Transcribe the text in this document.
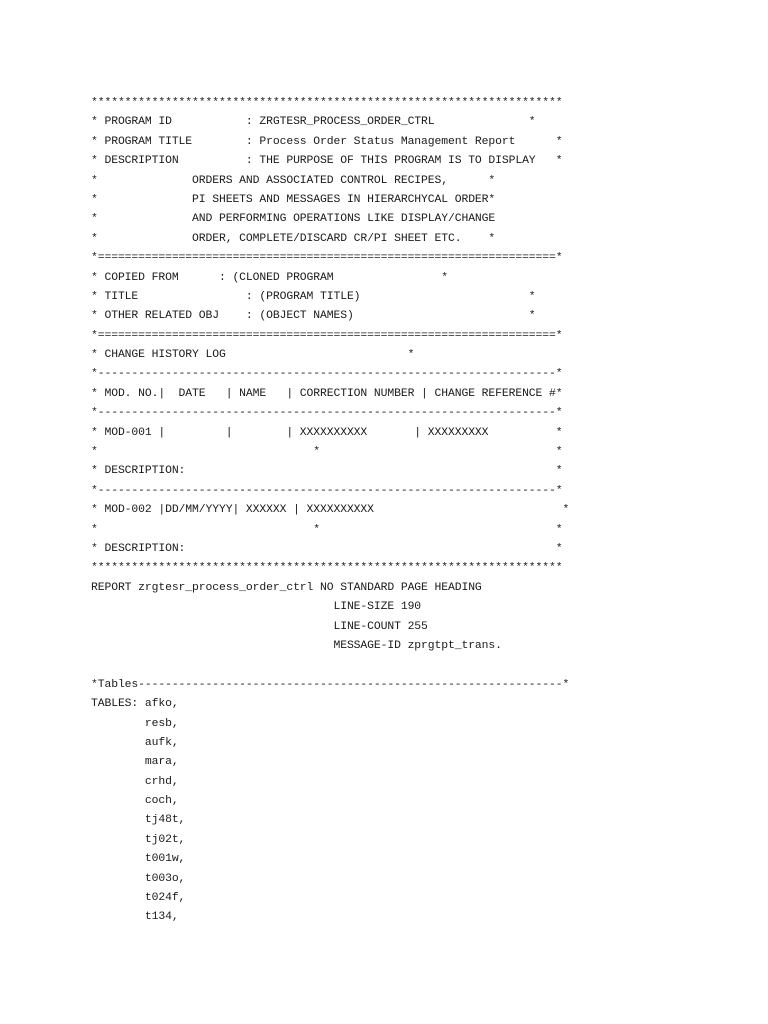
**********************************************************************
* PROGRAM ID           : ZRGTESR_PROCESS_ORDER_CTRL              *
* PROGRAM TITLE        : Process Order Status Management Report      *
* DESCRIPTION          : THE PURPOSE OF THIS PROGRAM IS TO DISPLAY   *
*              ORDERS AND ASSOCIATED CONTROL RECIPES,      *
*              PI SHEETS AND MESSAGES IN HIERARCHYCAL ORDER*
*              AND PERFORMING OPERATIONS LIKE DISPLAY/CHANGE
*              ORDER, COMPLETE/DISCARD CR/PI SHEET ETC.    *
*====================================================================*
* COPIED FROM      : (CLONED PROGRAM                *
* TITLE                : (PROGRAM TITLE)                         *
* OTHER RELATED OBJ    : (OBJECT NAMES)                          *
*====================================================================*
* CHANGE HISTORY LOG                           *
*--------------------------------------------------------------------*
* MOD. NO.|  DATE   | NAME   | CORRECTION NUMBER | CHANGE REFERENCE #*
*--------------------------------------------------------------------*
* MOD-001 |         |        | XXXXXXXXXX       | XXXXXXXXX          *
*                                *                                   *
* DESCRIPTION:                                                       *
*--------------------------------------------------------------------*
* MOD-002 |DD/MM/YYYY| XXXXXX | XXXXXXXXXX                            *
*                                *                                   *
* DESCRIPTION:                                                       *
**********************************************************************
REPORT zrgtesr_process_order_ctrl NO STANDARD PAGE HEADING
LINE-SIZE 190
LINE-COUNT 255
MESSAGE-ID zprgtpt_trans.
*Tables---------------------------------------------------------------*
TABLES: afko,
resb,
aufk,
mara,
crhd,
coch,
tj48t,
tj02t,
t001w,
t003o,
t024f,
t134,
